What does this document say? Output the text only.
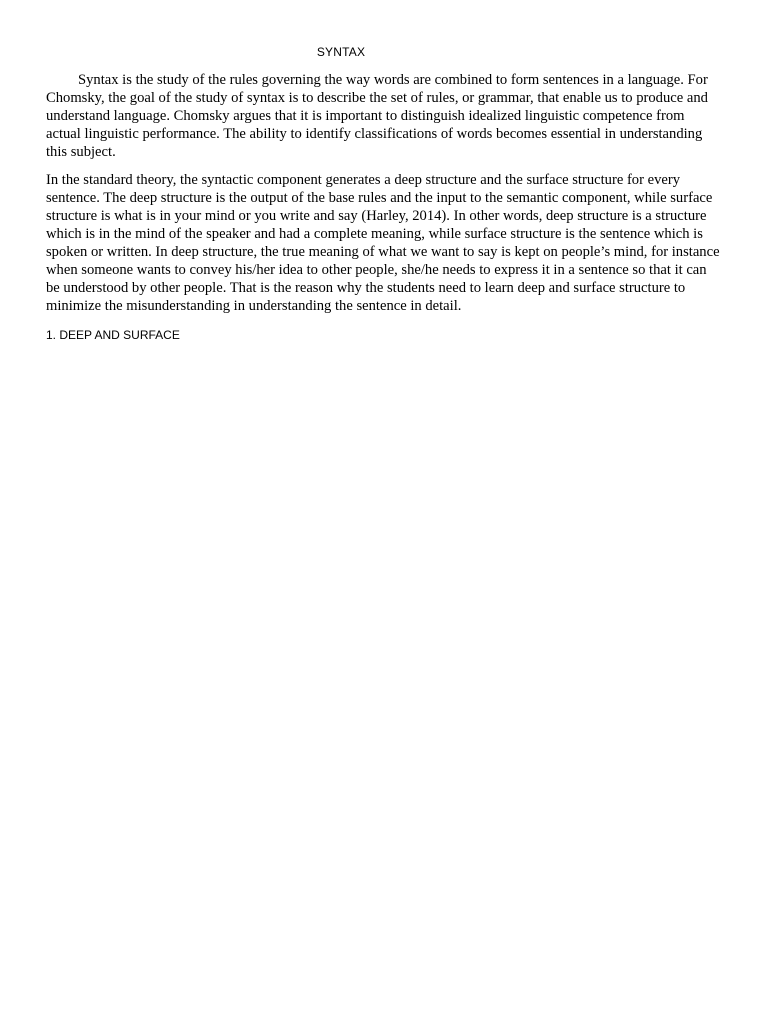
SYNTAX

Syntax is the study of the rules governing the way words are combined to form sentences in a language. For Chomsky, the goal of the study of syntax is to describe the set of rules, or grammar, that enable us to produce and understand language. Chomsky argues that it is important to distinguish idealized linguistic competence from actual linguistic performance. The ability to identify classifications of words becomes essential in understanding this subject.

In the standard theory, the syntactic component generates a deep structure and the surface structure for every sentence. The deep structure is the output of the base rules and the input to the semantic component, while surface structure is what is in your mind or you write and say (Harley, 2014). In other words, deep structure is a structure which is in the mind of the speaker and had a complete meaning, while surface structure is the sentence which is spoken or written. In deep structure, the true meaning of what we want to say is kept on people’s mind, for instance when someone wants to convey his/her idea to other people, she/he needs to express it in a sentence so that it can be understood by other people. That is the reason why the students need to learn deep and surface structure to minimize the misunderstanding in understanding the sentence in detail.

1. DEEP AND SURFACE
